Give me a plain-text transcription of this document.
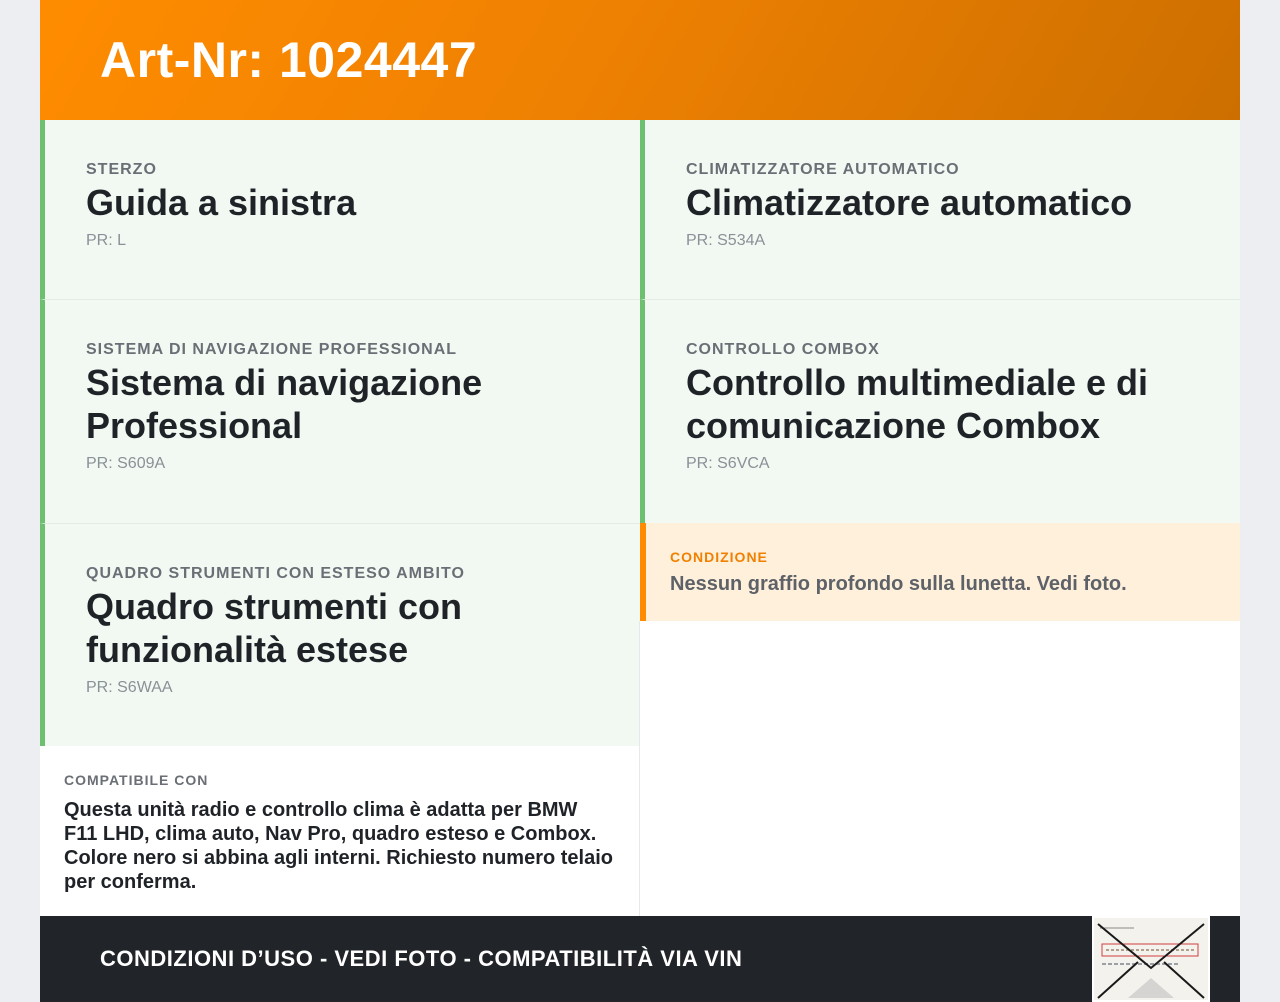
Art-Nr: 1024447
STERZO
Guida a sinistra
PR: L
SISTEMA DI NAVIGAZIONE PROFESSIONAL
Sistema di navigazione Professional
PR: S609A
QUADRO STRUMENTI CON ESTESO AMBITO
Quadro strumenti con funzionalità estese
PR: S6WAA
CLIMATIZZATORE AUTOMATICO
Climatizzatore automatico
PR: S534A
CONTROLLO COMBOX
Controllo multimediale e di comunicazione Combox
PR: S6VCA
CONDIZIONE
Nessun graffio profondo sulla lunetta. Vedi foto.
COMPATIBILE CON
Questa unità radio e controllo clima è adatta per BMW F11 LHD, clima auto, Nav Pro, quadro esteso e Combox. Colore nero si abbina agli interni. Richiesto numero telaio per conferma.
CONDIZIONI D’USO - VEDI FOTO - COMPATIBILITÀ VIA VIN
